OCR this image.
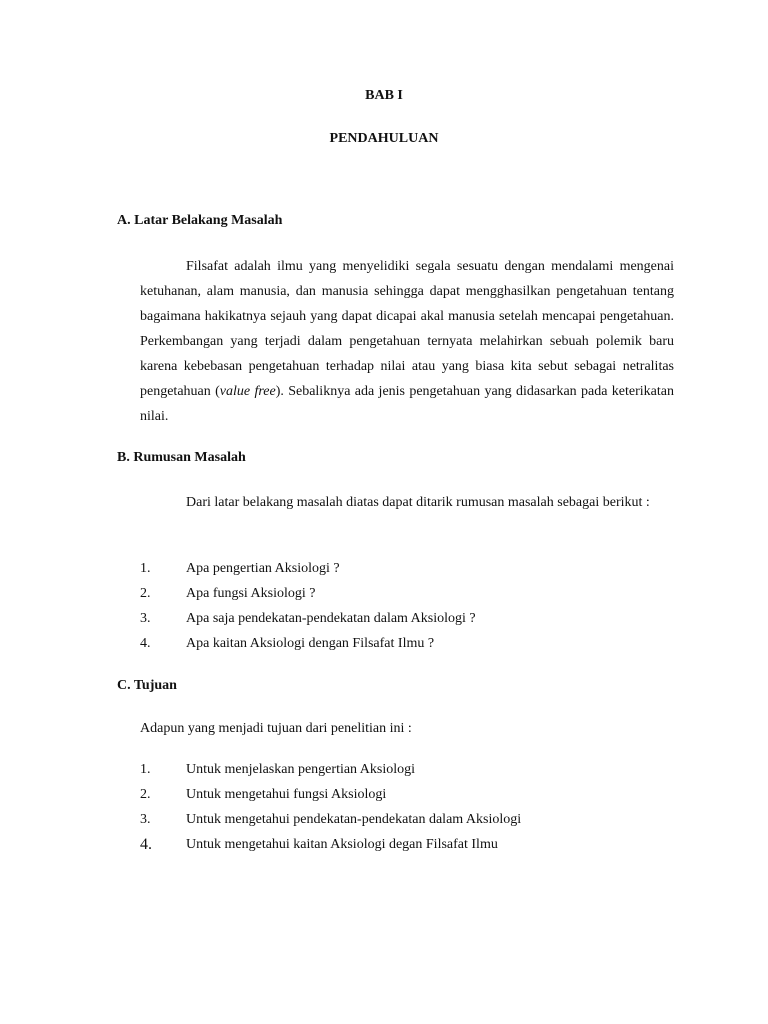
BAB I
PENDAHULUAN
A. Latar Belakang Masalah

Filsafat adalah ilmu yang menyelidiki segala sesuatu dengan mendalami mengenai ketuhanan, alam manusia, dan manusia sehingga dapat mengghasilkan pengetahuan tentang bagaimana hakikatnya sejauh yang dapat dicapai akal manusia setelah mencapai pengetahuan. Perkembangan yang terjadi dalam pengetahuan ternyata melahirkan sebuah polemik baru karena kebebasan pengetahuan terhadap nilai atau yang biasa kita sebut sebagai netralitas pengetahuan (value free). Sebaliknya ada jenis pengetahuan yang didasarkan pada keterikatan nilai.

B. Rumusan Masalah

Dari latar belakang masalah diatas dapat ditarik rumusan masalah sebagai berikut :

1.	Apa pengertian Aksiologi ?
2.	Apa fungsi Aksiologi ?
3.	Apa saja pendekatan-pendekatan dalam Aksiologi ?
4.	Apa kaitan Aksiologi dengan Filsafat Ilmu ?
C. Tujuan

Adapun yang menjadi tujuan dari penelitian ini :

1.	Untuk menjelaskan pengertian Aksiologi
2.	Untuk mengetahui fungsi Aksiologi
3.	Untuk mengetahui pendekatan-pendekatan dalam Aksiologi
4.	Untuk mengetahui kaitan Aksiologi degan Filsafat Ilmu
